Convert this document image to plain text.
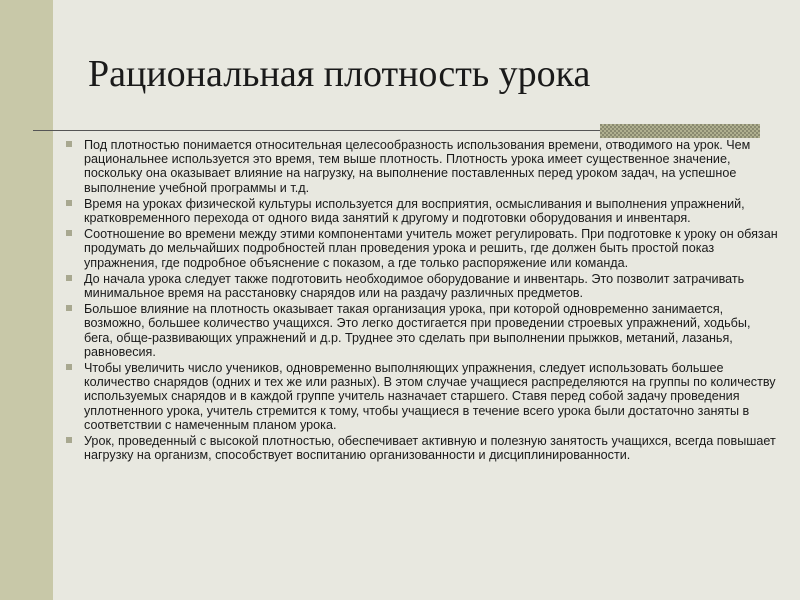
Рациональная плотность урока
Под плотностью понимается относительная целесообразность использования времени, отводимого на урок. Чем рациональнее используется это время, тем выше плотность. Плотность урока имеет существенное значение, поскольку она оказывает влияние на нагрузку, на выполнение поставленных перед уроком задач, на успешное выполнение учебной программы и т.д.
Время на уроках физической культуры используется для восприятия, осмысливания и выполнения упражнений, кратковременного перехода от одного вида занятий к другому и подготовки оборудования и инвентаря.
Соотношение во времени между этими компонентами учитель может регулировать. При подготовке к уроку он обязан продумать до мельчайших подробностей план проведения урока и решить, где должен быть простой показ упражнения, где подробное объяснение с показом, а где только распоряжение или команда.
До начала урока следует также подготовить необходимое оборудование и инвентарь. Это позволит затрачивать минимальное время на расстановку снарядов или на раздачу различных предметов.
Большое влияние на плотность оказывает такая организация урока, при которой одновременно занимается, возможно, большее количество учащихся. Это легко достигается при проведении строевых упражнений, ходьбы, бега, обще-развивающих упражнений и д.р. Труднее это сделать при выполнении прыжков, метаний, лазанья, равновесия.
Чтобы увеличить число учеников, одновременно выполняющих упражнения, следует использовать большее количество снарядов (одних и тех же или разных). В этом случае учащиеся распределяются на группы по количеству используемых снарядов и в каждой группе учитель назначает старшего. Ставя перед собой задачу проведения уплотненного урока, учитель стремится к тому, чтобы учащиеся в течение всего урока были достаточно заняты в соответствии с намеченным планом урока.
Урок, проведенный с высокой плотностью, обеспечивает активную и полезную занятость учащихся, всегда повышает нагрузку на организм, способствует воспитанию организованности и дисциплинированности.
